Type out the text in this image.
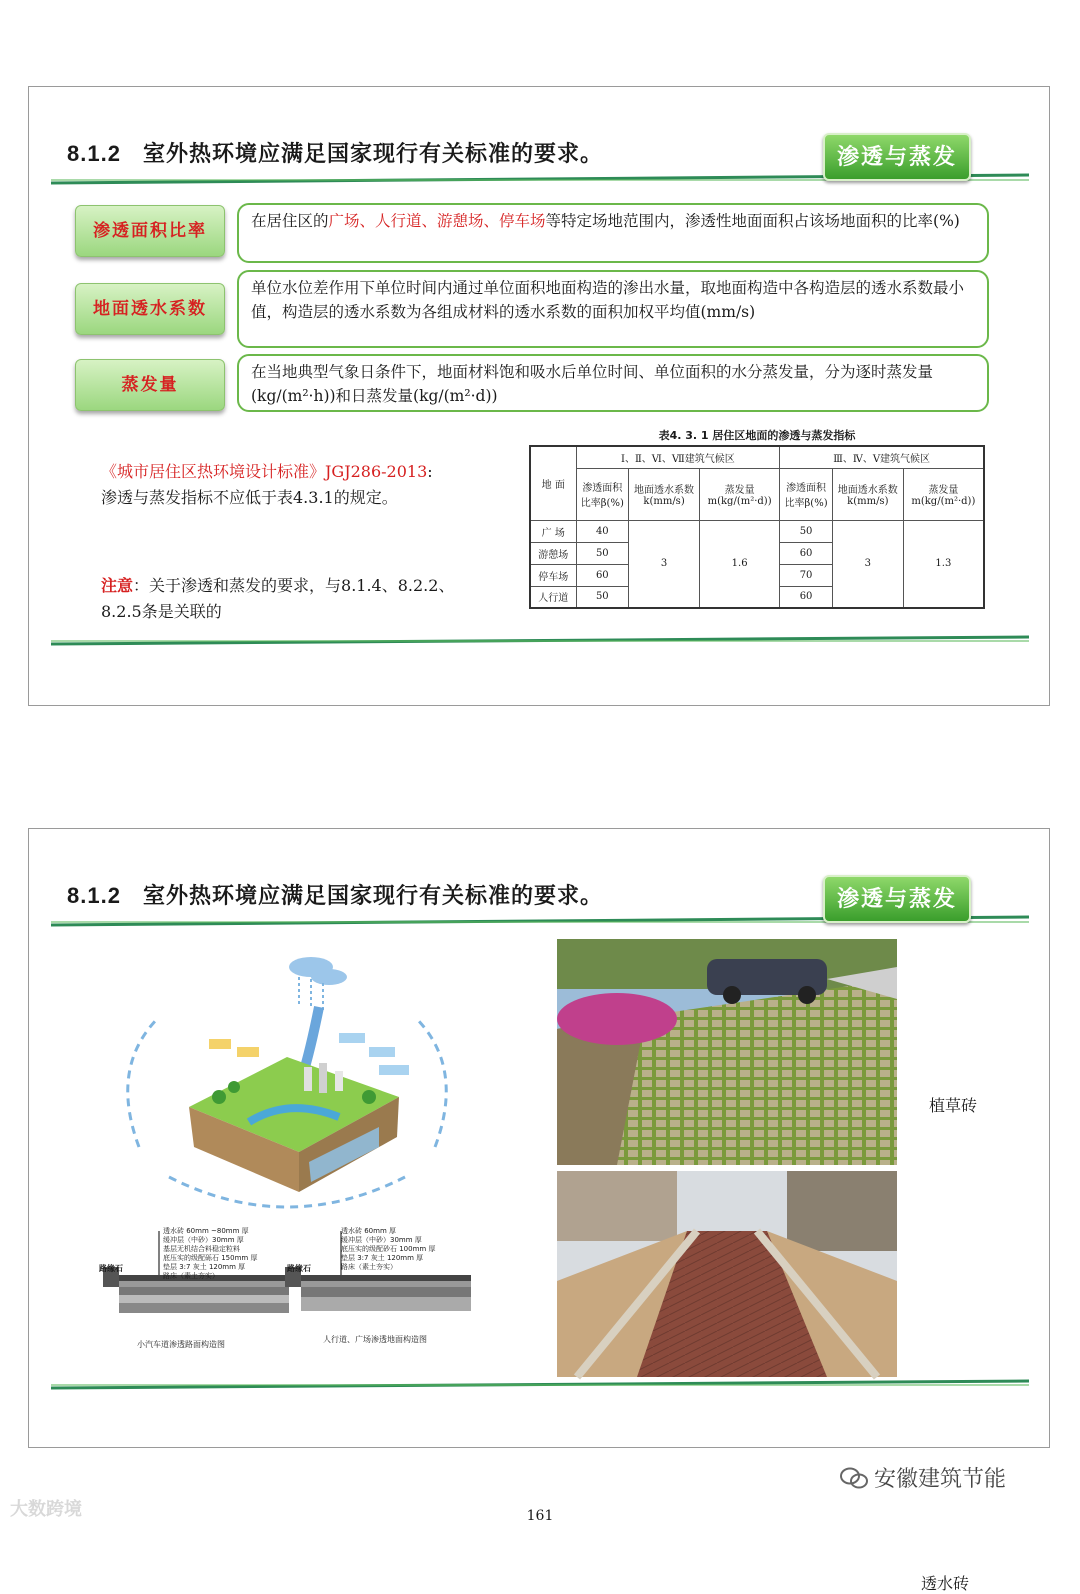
8.1.2 室外热环境应满足国家现行有关标准的要求。	渗透与蒸发
渗透面积比率	在居住区的广场、人行道、游憩场、停车场等特定场地范围内，渗透性地面面积占该场地面积的比率(%)
地面透水系数
单位水位差作用下单位时间内通过单位面积地面构造的渗出水量，取地面构造中各构造层的透水系数最小值，构造层的透水系数为各组成材料的透水系数的面积加权平均值(mm/s)
蒸发量
在当地典型气象日条件下，地面材料饱和吸水后单位时间、单位面积的水分蒸发量，分为逐时蒸发量(kg/(m²·h))和日蒸发量(kg/(m²·d))
《城市居住区热环境设计标准》JGJ286-2013:
渗透与蒸发指标不应低于表4.3.1的规定。
注意：关于渗透和蒸发的要求，与8.1.4、8.2.2、8.2.5条是关联的
表4. 3. 1 居住区地面的渗透与蒸发指标
地 面	Ⅰ、Ⅱ、Ⅵ、Ⅶ建筑气候区			Ⅲ、Ⅳ、Ⅴ建筑气候区		
	渗透面积比率β(%)	地面透水系数k(mm/s)	蒸发量m(kg/(m²·d))	渗透面积比率β(%)	地面透水系数k(mm/s)	蒸发量m(kg/(m²·d))
广 场	40	3	1.6	50	3	1.3
游憩场	50			60		
停车场	60			70		
人行道	50			60		
8.1.2 室外热环境应满足国家现行有关标准的要求。	渗透与蒸发
透水砖 60mm ~80mm 厚
缓冲层（中砂）30mm 厚
基层无机结合料稳定粒料
底压实的级配砾石 150mm 厚
垫层 3:7 灰土 120mm 厚
路床（素土夯实）
路缘石
小汽车道渗透路面构造图
透水砖 60mm 厚
缓冲层（中砂）30mm 厚
底压实的级配砂石 100mm 厚
垫层 3:7 灰土 120mm 厚
路床（素土夯实）
路缘石
人行道、广场渗透地面构造图
植草砖
透水砖
安徽建筑节能
大数跨境	161
